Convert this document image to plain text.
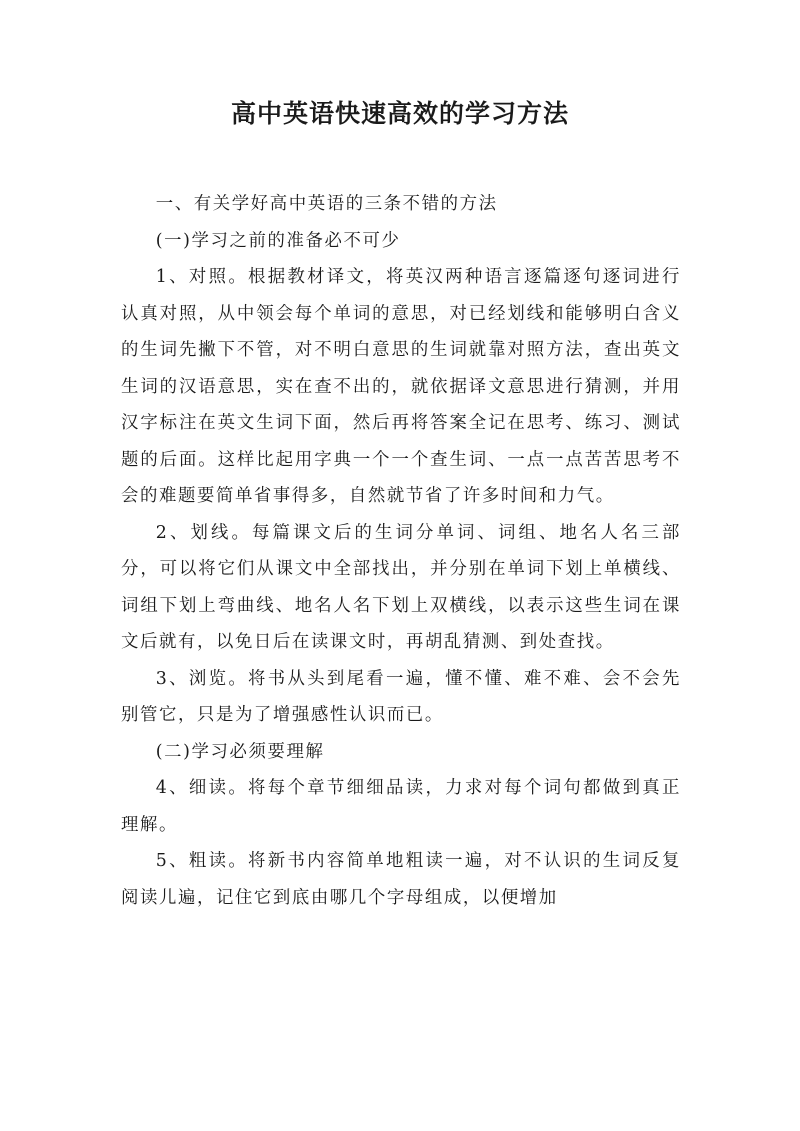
高中英语快速高效的学习方法

一、有关学好高中英语的三条不错的方法

(一)学习之前的准备必不可少

1、对照。根据教材译文，将英汉两种语言逐篇逐句逐词进行认真对照，从中领会每个单词的意思，对已经划线和能够明白含义的生词先撇下不管，对不明白意思的生词就靠对照方法，查出英文生词的汉语意思，实在查不出的，就依据译文意思进行猜测，并用汉字标注在英文生词下面，然后再将答案全记在思考、练习、测试题的后面。这样比起用字典一个一个查生词、一点一点苦苦思考不会的难题要简单省事得多，自然就节省了许多时间和力气。

2、划线。每篇课文后的生词分单词、词组、地名人名三部分，可以将它们从课文中全部找出，并分别在单词下划上单横线、词组下划上弯曲线、地名人名下划上双横线，以表示这些生词在课文后就有，以免日后在读课文时，再胡乱猜测、到处查找。

3、浏览。将书从头到尾看一遍，懂不懂、难不难、会不会先别管它，只是为了增强感性认识而已。

(二)学习必须要理解

4、细读。将每个章节细细品读，力求对每个词句都做到真正理解。

5、粗读。将新书内容简单地粗读一遍，对不认识的生词反复阅读儿遍，记住它到底由哪几个字母组成，以便增加
